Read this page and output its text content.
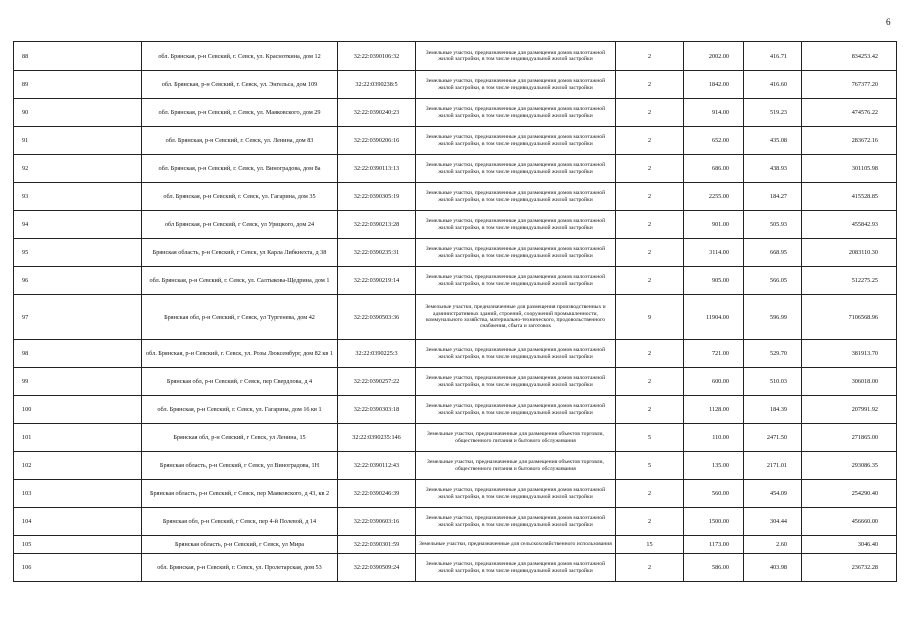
6
88	обл. Брянская, р-н Севский, г. Севск, ул. Красноткина, дом 12	32:22:0390106:32	Земельные участки, предназначенные для размещения домов малоэтажной жилой застройки, в том числе индивидуальной жилой застройки	2	2002.00	416.71	834253.42
89	обл. Брянская, р-н Севский, г. Севск, ул. Энгельса, дом 109	32:22:0390238:5	Земельные участки, предназначенные для размещения домов малоэтажной жилой застройки, в том числе индивидуальной жилой застройки	2	1842.00	416.60	767377.20
90	обл. Брянская, р-н Севский, г. Севск, ул. Маяковского, дом 29	32:22:0390240:23	Земельные участки, предназначенные для размещения домов малоэтажной жилой застройки, в том числе индивидуальной жилой застройки	2	914.00	519.23	474576.22
91	обл. Брянская, р-н Севский, г. Севск, ул. Ленина, дом 83	32:22:0390206:16	Земельные участки, предназначенные для размещения домов малоэтажной жилой застройки, в том числе индивидуальной жилой застройки	2	652.00	435.08	283672.16
92	обл. Брянская, р-н Севский, г. Севск, ул. Виноградова, дом 8а	32:22:0390113:13	Земельные участки, предназначенные для размещения домов малоэтажной жилой застройки, в том числе индивидуальной жилой застройки	2	686.00	438.93	301105.98
93	обл. Брянская, р-н Севский, г. Севск, ул. Гагарина, дом 35	32:22:0390305:19	Земельные участки, предназначенные для размещения домов малоэтажной жилой застройки, в том числе индивидуальной жилой застройки	2	2255.00	184.27	415528.85
94	обл Брянская, р-н Севский, г Севск, ул Урицкого, дом 24	32:22:0390213:28	Земельные участки, предназначенные для размещения домов малоэтажной жилой застройки, в том числе индивидуальной жилой застройки	2	901.00	505.93	455842.93
95	Брянская область, р-н Севский, г Севск, ул Карла Либкнехта, д 38	32:22:0390235:31	Земельные участки, предназначенные для размещения домов малоэтажной жилой застройки, в том числе индивидуальной жилой застройки	2	3114.00	668.95	2083110.30
96	обл. Брянская, р-н Севский, г. Севск, ул. Салтыкова-Щедрина, дом 1	32:22:0390219:14	Земельные участки, предназначенные для размещения домов малоэтажной жилой застройки, в том числе индивидуальной жилой застройки	2	905.00	566.05	512275.25
97	Брянская обл, р-н Севский, г Севск, ул Тургенева, дом 42	32:22:0390503:36	Земельные участки, предназначенные для размещения производственных и административных зданий, строений, сооружений промышленности, коммунального хозяйства, материально-технического, продовольственного снабжения, сбыта и заготовок	9	11904.00	596.99	7106568.96
98	обл. Брянская, р-н Севский, г. Севск, ул. Розы Люксембург, дом 82 кв 1	32:22:0390225:3	Земельные участки, предназначенные для размещения домов малоэтажной жилой застройки, в том числе индивидуальной жилой застройки	2	721.00	529.70	381913.70
99	Брянская обл, р-н Севский, г Севск, пер Свердлова, д 4	32:22:0390257:22	Земельные участки, предназначенные для размещения домов малоэтажной жилой застройки, в том числе индивидуальной жилой застройки	2	600.00	510.03	306018.00
100	обл. Брянская, р-н Севский, г. Севск, ул. Гагарина, дом 16 кв 1	32:22:0390303:18	Земельные участки, предназначенные для размещения домов малоэтажной жилой застройки, в том числе индивидуальной жилой застройки	2	1128.00	184.39	207991.92
101	Брянская обл, р-н Севский, г Севск, ул Ленина, 15	32:22:0390235:146	Земельные участки, предназначенные для размещения объектов торговли, общественного питания и бытового обслуживания	5	110.00	2471.50	271865.00
102	Брянская область, р-н Севский, г Севск, ул Виноградова, 1Н	32:22:0390112:43	Земельные участки, предназначенные для размещения объектов торговли, общественного питания и бытового обслуживания	5	135.00	2171.01	293086.35
103	Брянская область, р-н Севский, г Севск, пер Маяковского, д 43, кв 2	32:22:0390246:39	Земельные участки, предназначенные для размещения домов малоэтажной жилой застройки, в том числе индивидуальной жилой застройки	2	560.00	454.09	254290.40
104	Брянская обл, р-н Севский, г Севск, пер 4-й Полевой, д 14	32:22:0390603:16	Земельные участки, предназначенные для размещения домов малоэтажной жилой застройки, в том числе индивидуальной жилой застройки	2	1500.00	304.44	456660.00
105	Брянская область, р-н Севский, г Севск, ул Мира	32:22:0390301:59	Земельные участки, предназначенные для сельскохозяйственного использования	15	1173.00	2.60	3046.40
106	обл. Брянская, р-н Севский, г. Севск, ул. Пролетарская, дом 53	32:22:0390509:24	Земельные участки, предназначенные для размещения домов малоэтажной жилой застройки, в том числе индивидуальной жилой застройки	2	586.00	403.98	236732.28
